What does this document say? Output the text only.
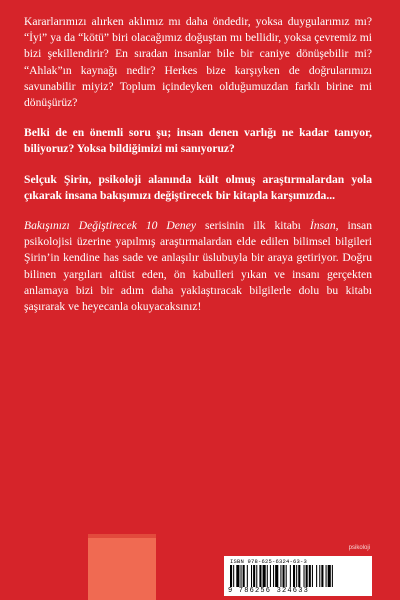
Kararlarımızı alırken aklımız mı daha öndedir, yoksa duygularımız mı? “İyi” ya da “kötü” biri olacağımız doğuştan mı bellidir, yoksa çevremiz mi bizi şekillendirir? En sıradan insanlar bile bir caniye dönüşebilir mi? “Ahlak”ın kaynağı nedir? Herkes bize karşıyken de doğrularımızı savunabilir miyiz? Toplum içindeyken olduğumuzdan farklı birine mi dönüşürüz?

Belki de en önemli soru şu; insan denen varlığı ne kadar tanıyor, biliyoruz? Yoksa bildiğimizi mi sanıyoruz?

Selçuk Şirin, psikoloji alanında kült olmuş araştırmalardan yola çıkarak insana bakışımızı değiştirecek bir kitapla karşımızda...

Bakışınızı Değiştirecek 10 Deney serisinin ilk kitabı İnsan, insan psikolojisi üzerine yapılmış araştırmalardan elde edilen bilimsel bilgileri Şirin’in kendine has sade ve anlaşılır üslubuyla bir araya getiriyor. Doğru bilinen yargıları altüst eden, ön kabulleri yıkan ve insanı gerçekten anlamaya bizi bir adım daha yaklaştıracak bilgilerle dolu bu kitabı şaşırarak ve heyecanla okuyacaksınız!

psikoloji
ISBN 978-625-6324-63-3
9 786256 324633
